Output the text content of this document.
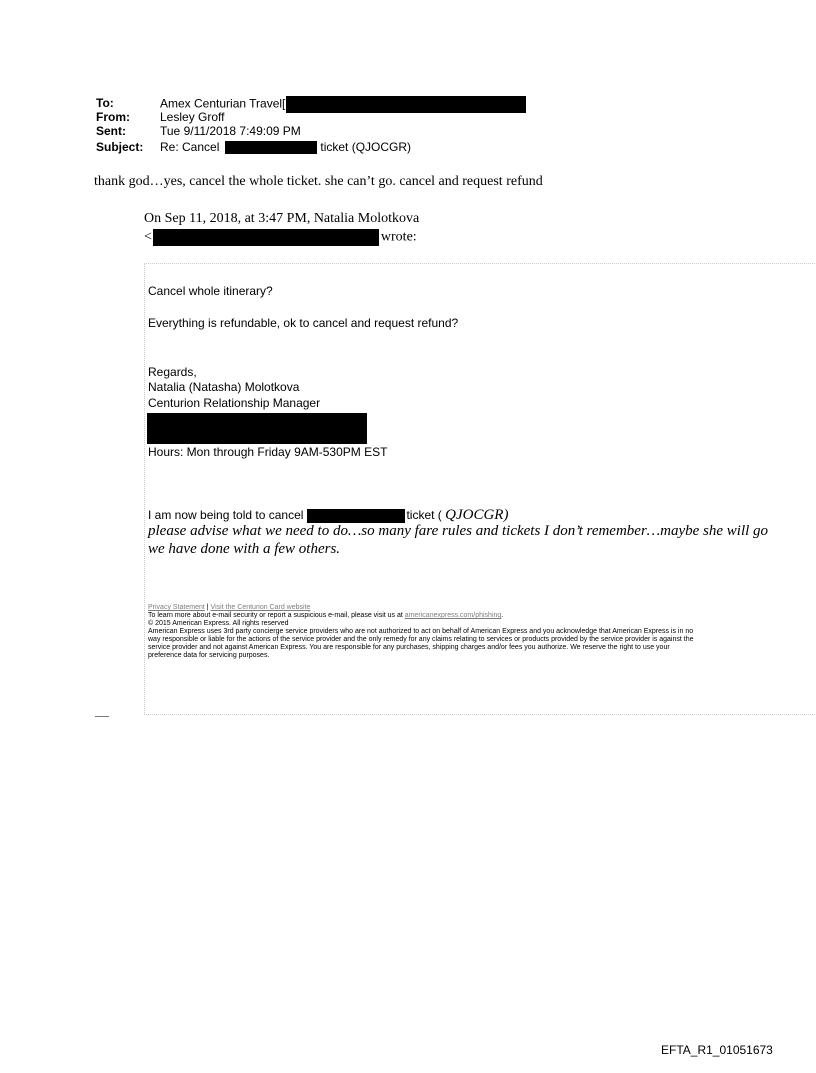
To:	Amex Centurian Travel[
From:	Lesley Groff
Sent:	Tue 9/11/2018 7:49:09 PM
Subject: Re: Cancel	ticket (QJOCGR)
thank god…yes, cancel the whole ticket. she can’t go. cancel and request refund
On Sep 11, 2018, at 3:47 PM, Natalia Molotkova
<	wrote:
Cancel whole itinerary?
Everything is refundable, ok to cancel and request refund?
Regards,
Natalia (Natasha) Molotkova
Centurion Relationship Manager
Hours: Mon through Friday 9AM-530PM EST
I am now being told to cancel	ticket ( QJOCGR)
please advise what we need to do…so many fare rules and tickets I don’t remember…maybe she will go
we have done with a few others.
Privacy Statement | Visit the Centurion Card website
To learn more about e-mail security or report a suspicious e-mail, please visit us at americanexpress.com/phishing.
© 2015 American Express. All rights reserved
American Express uses 3rd party concierge service providers who are not authorized to act on behalf of American Express and you acknowledge that American Express is in no
way responsible or liable for the actions of the service provider and the only remedy for any claims relating to services or products provided by the service provider is against the
service provider and not against American Express. You are responsible for any purchases, shipping charges and/or fees you authorize. We reserve the right to use your
preference data for servicing purposes.
EFTA_R1_01051673
